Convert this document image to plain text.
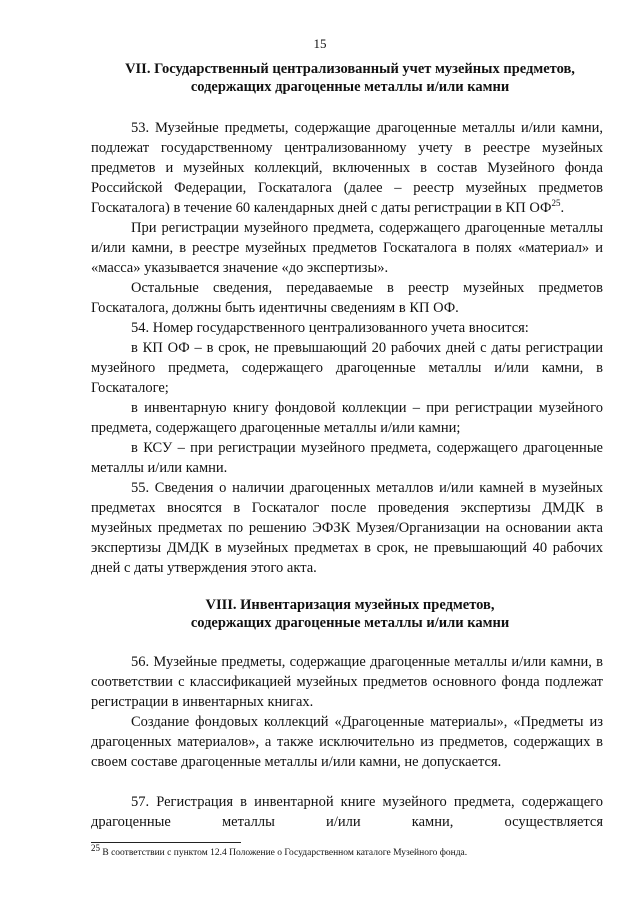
15
VII. Государственный централизованный учет музейных предметов,
содержащих драгоценные металлы и/или камни

53. Музейные предметы, содержащие драгоценные металлы и/или камни, подлежат государственному централизованному учету в реестре музейных предметов и музейных коллекций, включенных в состав Музейного фонда Российской Федерации, Госкаталога (далее – реестр музейных предметов Госкаталога) в течение 60 календарных дней с даты регистрации в КП ОФ$^{25}$.

При регистрации музейного предмета, содержащего драгоценные металлы и/или камни, в реестре музейных предметов Госкаталога в полях «материал» и «масса» указывается значение «до экспертизы».

Остальные сведения, передаваемые в реестр музейных предметов Госкаталога, должны быть идентичны сведениям в КП ОФ.

54. Номер государственного централизованного учета вносится:

в КП ОФ – в срок, не превышающий 20 рабочих дней с даты регистрации музейного предмета, содержащего драгоценные металлы и/или камни, в Госкаталоге;

в инвентарную книгу фондовой коллекции – при регистрации музейного предмета, содержащего драгоценные металлы и/или камни;

в КСУ – при регистрации музейного предмета, содержащего драгоценные металлы и/или камни.

55. Сведения о наличии драгоценных металлов и/или камней в музейных предметах вносятся в Госкаталог после проведения экспертизы ДМДК в музейных предметах по решению ЭФЗК Музея/Организации на основании акта экспертизы ДМДК в музейных предметах в срок, не превышающий 40 рабочих дней с даты утверждения этого акта.

VIII. Инвентаризация музейных предметов,
содержащих драгоценные металлы и/или камни

56. Музейные предметы, содержащие драгоценные металлы и/или камни, в соответствии с классификацией музейных предметов основного фонда подлежат регистрации в инвентарных книгах.

Создание фондовых коллекций «Драгоценные материалы», «Предметы из драгоценных материалов», а также исключительно из предметов, содержащих в своем составе драгоценные металлы и/или камни, не допускается.

57. Регистрация в инвентарной книге музейного предмета, содержащего драгоценные металлы и/или камни, осуществляется

$^{25}$ В соответствии с пунктом 12.4 Положение о Государственном каталоге Музейного фонда.
